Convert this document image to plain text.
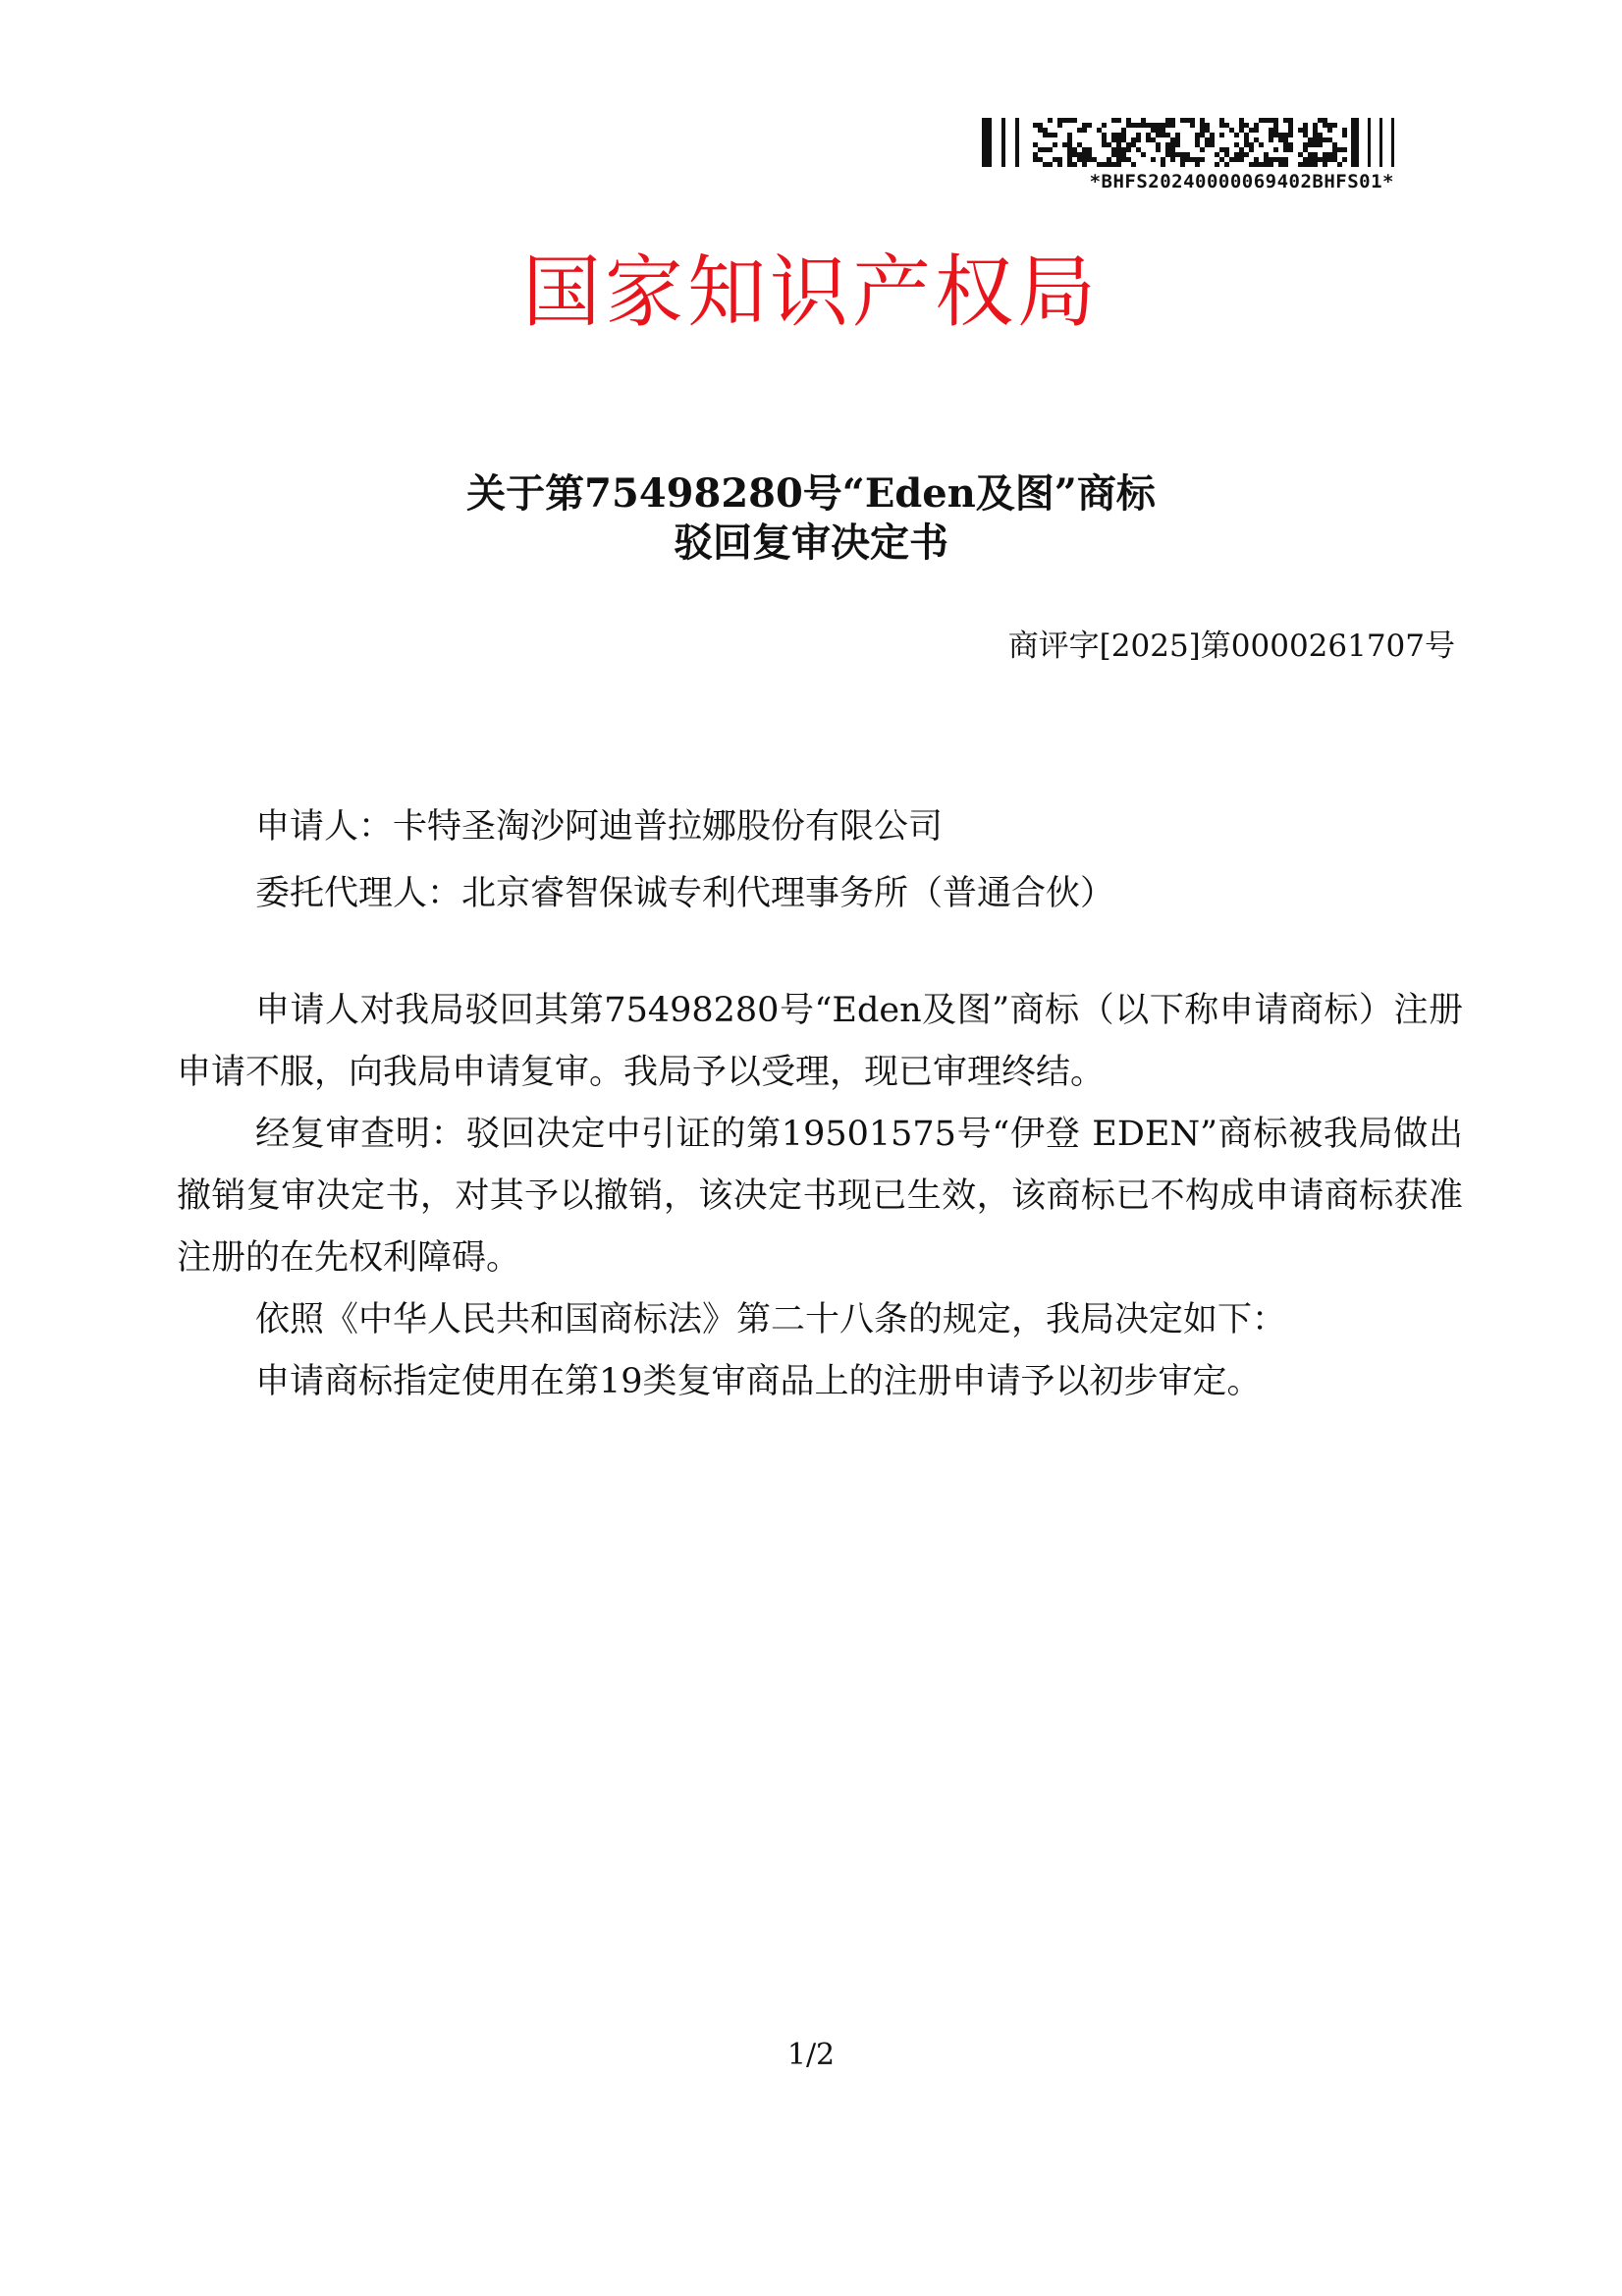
*BHFS20240000069402BHFS01*
国家知识产权局
关于第75498280号“Eden及图”商标
驳回复审决定书
商评字[2025]第0000261707号

申请人：卡特圣淘沙阿迪普拉娜股份有限公司

委托代理人：北京睿智保诚专利代理事务所（普通合伙）

申请人对我局驳回其第75498280号“Eden及图”商标（以下称申请商标）注册申请不服，向我局申请复审。我局予以受理，现已审理终结。

经复审查明：驳回决定中引证的第19501575号“伊登 EDEN”商标被我局做出撤销复审决定书，对其予以撤销，该决定书现已生效，该商标已不构成申请商标获准注册的在先权利障碍。

依照《中华人民共和国商标法》第二十八条的规定，我局决定如下：

申请商标指定使用在第19类复审商品上的注册申请予以初步审定。

1/2
